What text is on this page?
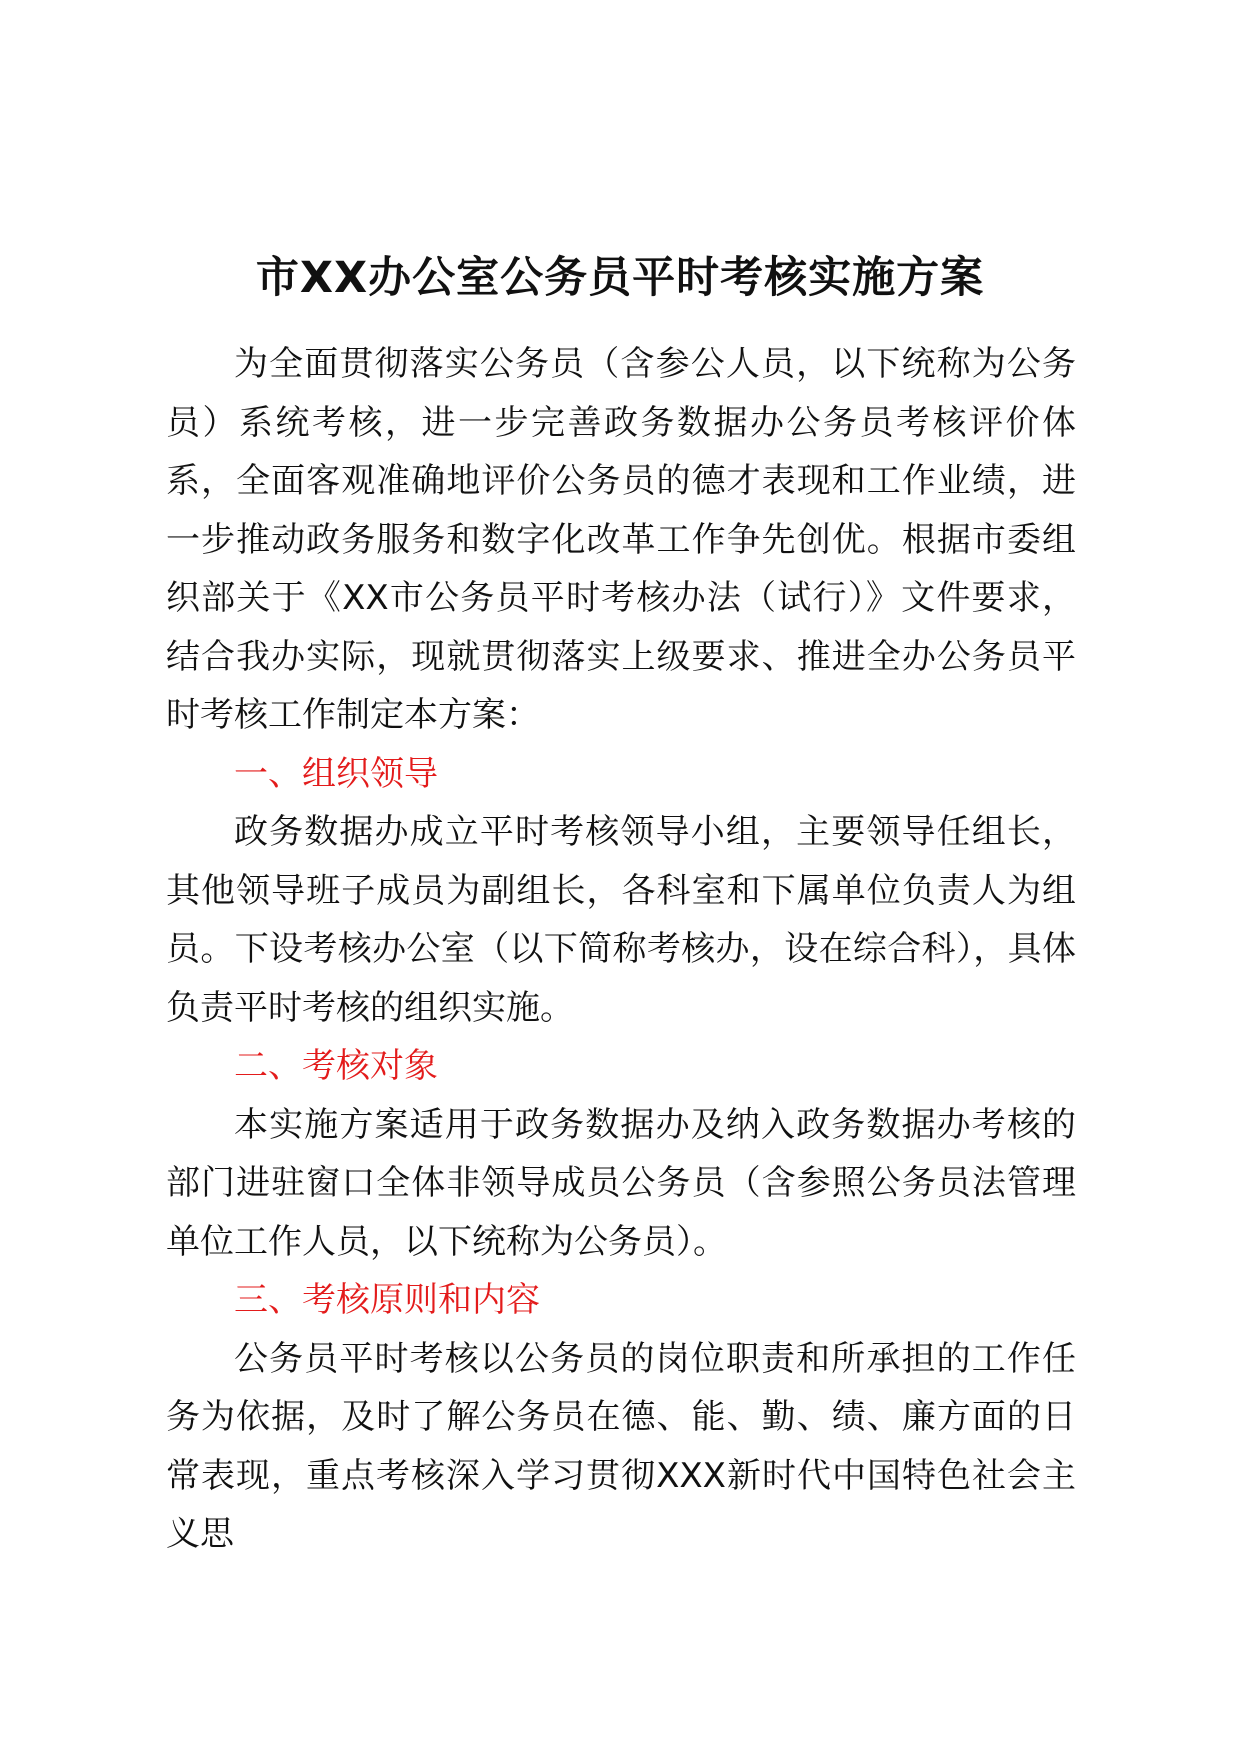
市XX办公室公务员平时考核实施方案

为全面贯彻落实公务员（含参公人员，以下统称为公务员）系统考核，进一步完善政务数据办公务员考核评价体系，全面客观准确地评价公务员的德才表现和工作业绩，进一步推动政务服务和数字化改革工作争先创优。根据市委组织部关于《XX市公务员平时考核办法（试行）》文件要求，结合我办实际，现就贯彻落实上级要求、推进全办公务员平时考核工作制定本方案：

一、组织领导

政务数据办成立平时考核领导小组，主要领导任组长，其他领导班子成员为副组长，各科室和下属单位负责人为组员。下设考核办公室（以下简称考核办，设在综合科），具体负责平时考核的组织实施。

二、考核对象

本实施方案适用于政务数据办及纳入政务数据办考核的部门进驻窗口全体非领导成员公务员（含参照公务员法管理单位工作人员，以下统称为公务员）。

三、考核原则和内容

公务员平时考核以公务员的岗位职责和所承担的工作任务为依据，及时了解公务员在德、能、勤、绩、廉方面的日常表现，重点考核深入学习贯彻XXX新时代中国特色社会主义思
